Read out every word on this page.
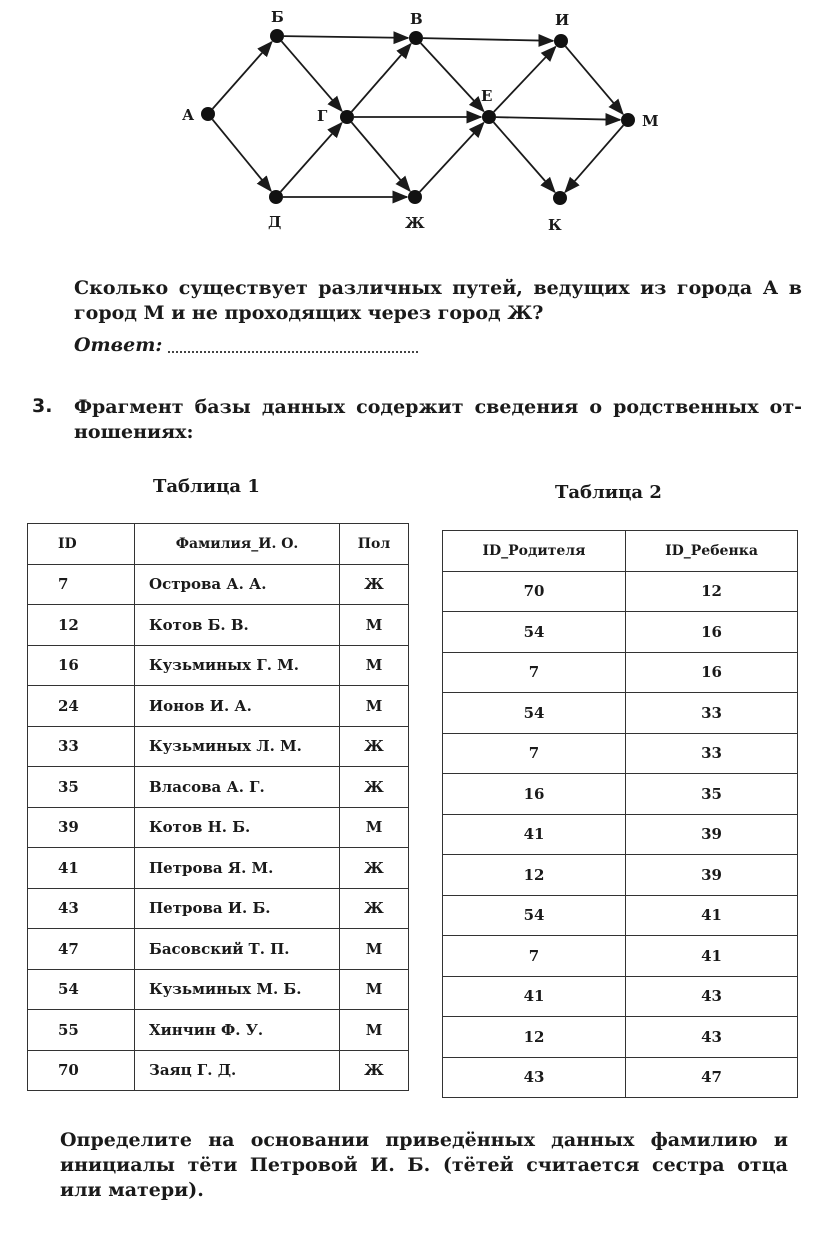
А
Б	В	И
Г
Е
М
Д	Ж	К

Сколько существует различных путей, ведущих из города А в город М и не проходящих через город Ж?

Ответ:
3. Фрагмент базы данных содержит сведения о родственных от-ношениях:

Таблица 1	Таблица 2
ID	Фамилия_И. О.	Пол
7	Острова А. А.	Ж
12	Котов Б. В.	М
16	Кузьминых Г. М.	М
24	Ионов И. А.	М
33	Кузьминых Л. М.	Ж
35	Власова А. Г.	Ж
39	Котов Н. Б.	М
41	Петрова Я. М.	Ж
43	Петрова И. Б.	Ж
47	Басовский Т. П.	М
54	Кузьминых М. Б.	М
55	Хинчин Ф. У.	М
70	Заяц Г. Д.	Ж
ID_Родителя	ID_Ребенка
70	12
54	16
7	16
54	33
7	33
16	35
41	39
12	39
54	41
7	41
41	43
12	43
43	47

Определите на основании приведённых данных фамилию и инициалы тёти Петровой И. Б. (тётей считается сестра отца или матери).
